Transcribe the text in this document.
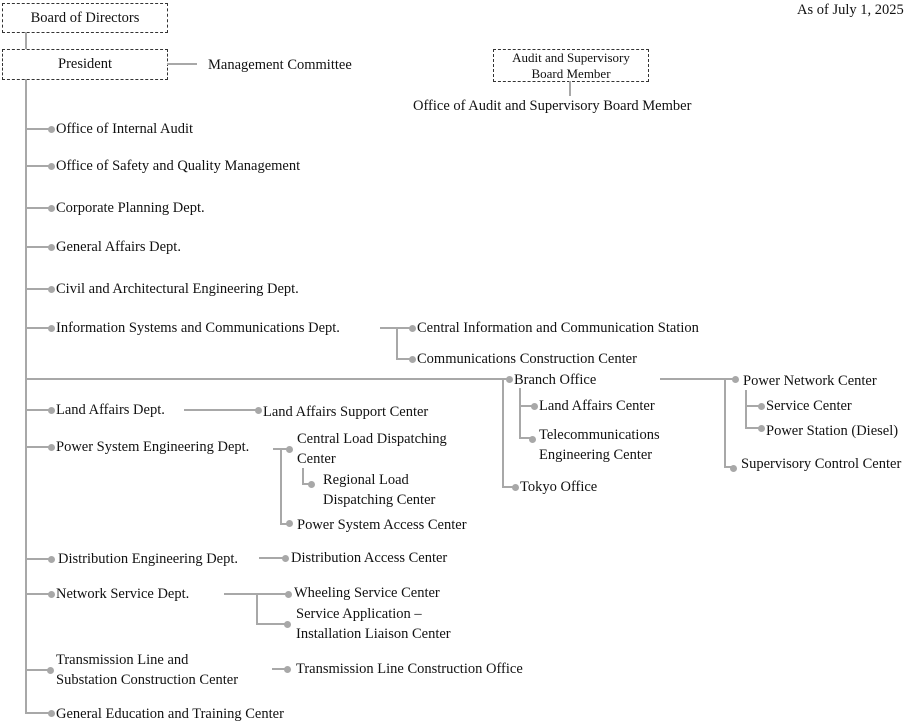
As of July 1, 2025
Board of Directors
President	Management Committee	Audit and Supervisory
Board Member
Office of Audit and Supervisory Board Member
Office of Internal Audit
Office of Safety and Quality Management
Corporate Planning Dept.
General Affairs Dept.
Civil and Architectural Engineering Dept.
Information Systems and Communications Dept.	Central Information and Communication Station
Communications Construction Center
Branch Office
Tokyo Office
Land Affairs Center
Telecommunications
Engineering Center
Power Network Center
Service Center
Power Station (Diesel)
Supervisory Control Center
Land Affairs Dept.	Land Affairs Support Center
Power System Engineering Dept.	Central Load Dispatching
Center
Regional Load
Dispatching Center
Power System Access Center
Distribution Engineering Dept.	Distribution Access Center
Network Service Dept.	Wheeling Service Center
Service Application –
Installation Liaison Center
Transmission Line and
Substation Construction Center
Transmission Line Construction Office
General Education and Training Center
